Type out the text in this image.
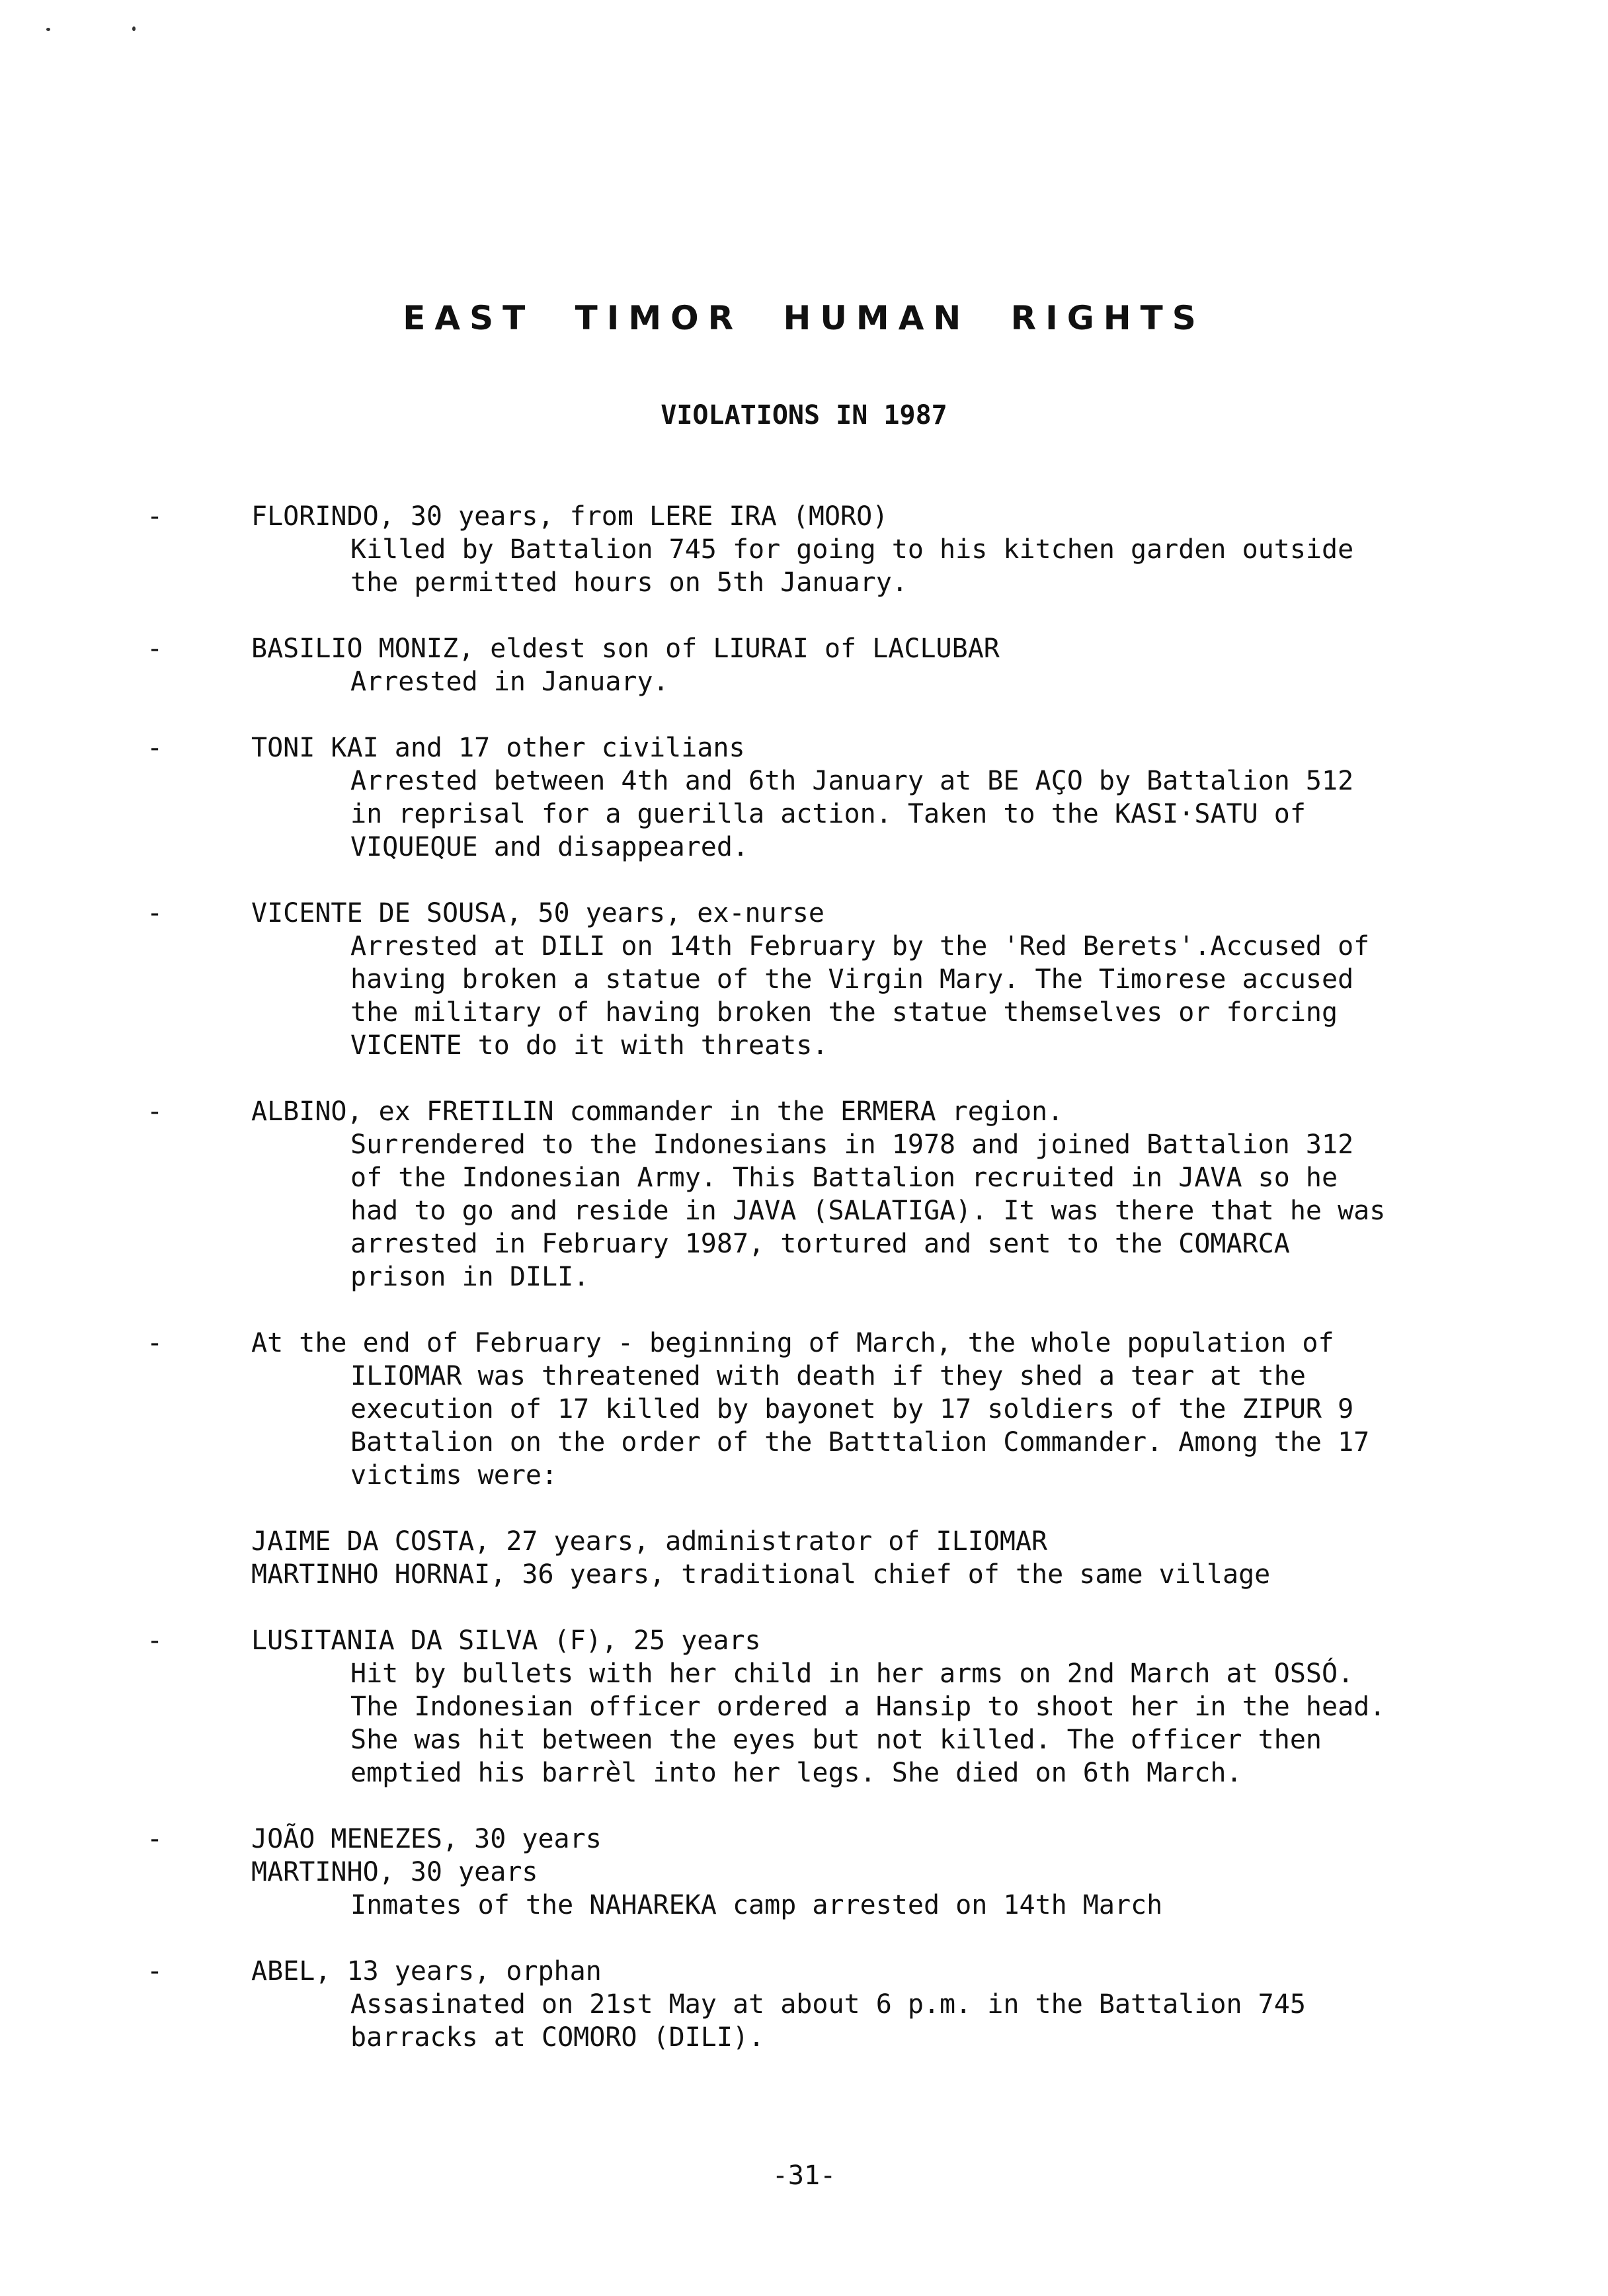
EAST TIMOR HUMAN RIGHTS
VIOLATIONS IN 1987
-	FLORINDO, 30 years, from LERE IRA (MORO)
Killed by Battalion 745 for going to his kitchen garden outside
the permitted hours on 5th January.
-	BASILIO MONIZ, eldest son of LIURAI of LACLUBAR
Arrested in January.
-	TONI KAI and 17 other civilians
Arrested between 4th and 6th January at BE AÇO by Battalion 512
in reprisal for a guerilla action. Taken to the KASI·SATU of
VIQUEQUE and disappeared.
-	VICENTE DE SOUSA, 50 years, ex-nurse
Arrested at DILI on 14th February by the 'Red Berets'.Accused of
having broken a statue of the Virgin Mary. The Timorese accused
the military of having broken the statue themselves or forcing
VICENTE to do it with threats.
-	ALBINO, ex FRETILIN commander in the ERMERA region.
Surrendered to the Indonesians in 1978 and joined Battalion 312
of the Indonesian Army. This Battalion recruited in JAVA so he
had to go and reside in JAVA (SALATIGA). It was there that he was
arrested in February 1987, tortured and sent to the COMARCA
prison in DILI.
-	At the end of February - beginning of March, the whole population of
ILIOMAR was threatened with death if they shed a tear at the
execution of 17 killed by bayonet by 17 soldiers of the ZIPUR 9
Battalion on the order of the Batttalion Commander. Among the 17
victims were:
JAIME DA COSTA, 27 years, administrator of ILIOMAR
MARTINHO HORNAI, 36 years, traditional chief of the same village
-	LUSITANIA DA SILVA (F), 25 years
Hit by bullets with her child in her arms on 2nd March at OSSÓ.
The Indonesian officer ordered a Hansip to shoot her in the head.
She was hit between the eyes but not killed. The officer then
emptied his barrèl into her legs. She died on 6th March.
-	JOÃO MENEZES, 30 years
MARTINHO, 30 years
Inmates of the NAHAREKA camp arrested on 14th March
-	ABEL, 13 years, orphan
Assasinated on 21st May at about 6 p.m. in the Battalion 745
barracks at COMORO (DILI).
-31-
